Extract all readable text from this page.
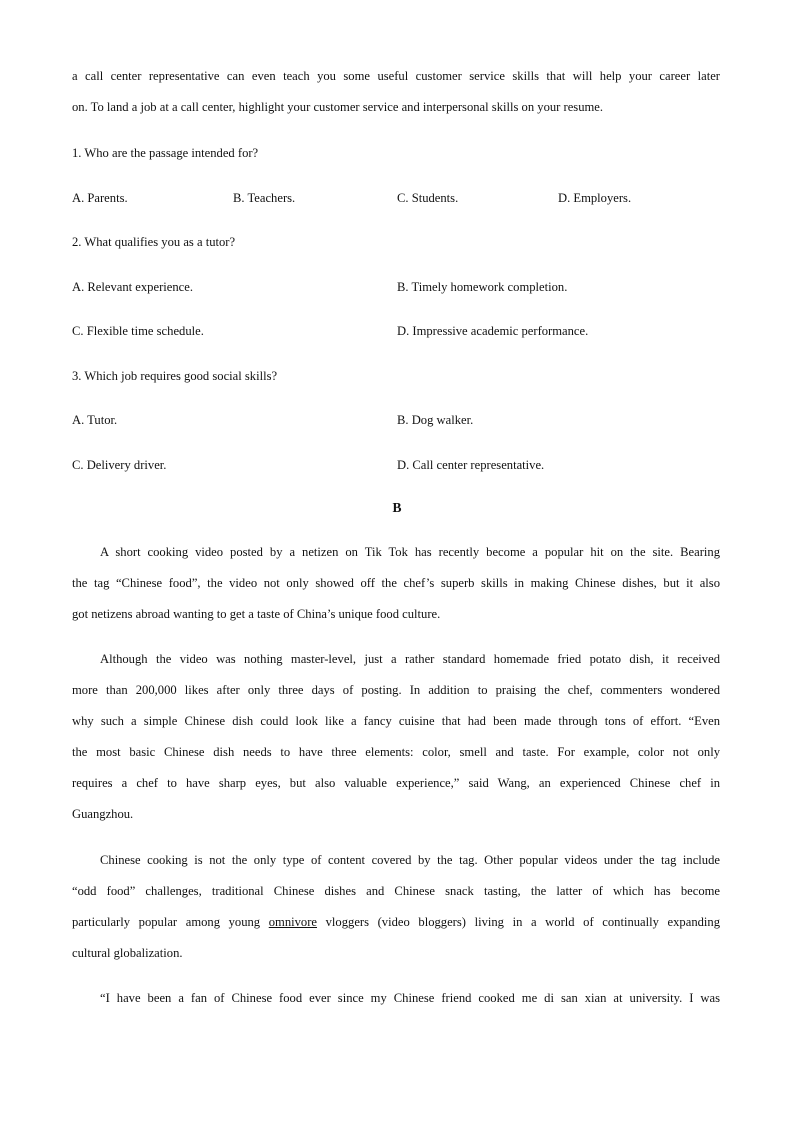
a call center representative can even teach you some useful customer service skills that will help your career later
on. To land a job at a call center, highlight your customer service and interpersonal skills on your resume.
1. Who are the passage intended for?
A. Parents.	B. Teachers.	C. Students.	D. Employers.
2. What qualifies you as a tutor?
A. Relevant experience.	B. Timely homework completion.
C. Flexible time schedule.	D. Impressive academic performance.
3. Which job requires good social skills?
A. Tutor.	B. Dog walker.
C. Delivery driver.	D. Call center representative.
B
A short cooking video posted by a netizen on Tik Tok has recently become a popular hit on the site. Bearing
the tag “Chinese food”, the video not only showed off the chef’s superb skills in making Chinese dishes, but it also
got netizens abroad wanting to get a taste of China’s unique food culture.
Although the video was nothing master-level, just a rather standard homemade fried potato dish, it received
more than 200,000 likes after only three days of posting. In addition to praising the chef, commenters wondered
why such a simple Chinese dish could look like a fancy cuisine that had been made through tons of effort. “Even
the most basic Chinese dish needs to have three elements: color, smell and taste. For example, color not only
requires a chef to have sharp eyes, but also valuable experience,” said Wang, an experienced Chinese chef in
Guangzhou.
Chinese cooking is not the only type of content covered by the tag. Other popular videos under the tag include
“odd food” challenges, traditional Chinese dishes and Chinese snack tasting, the latter of which has become
particularly popular among young omnivore vloggers (video bloggers) living in a world of continually expanding
cultural globalization.
“I have been a fan of Chinese food ever since my Chinese friend cooked me di san xian at university. I was
